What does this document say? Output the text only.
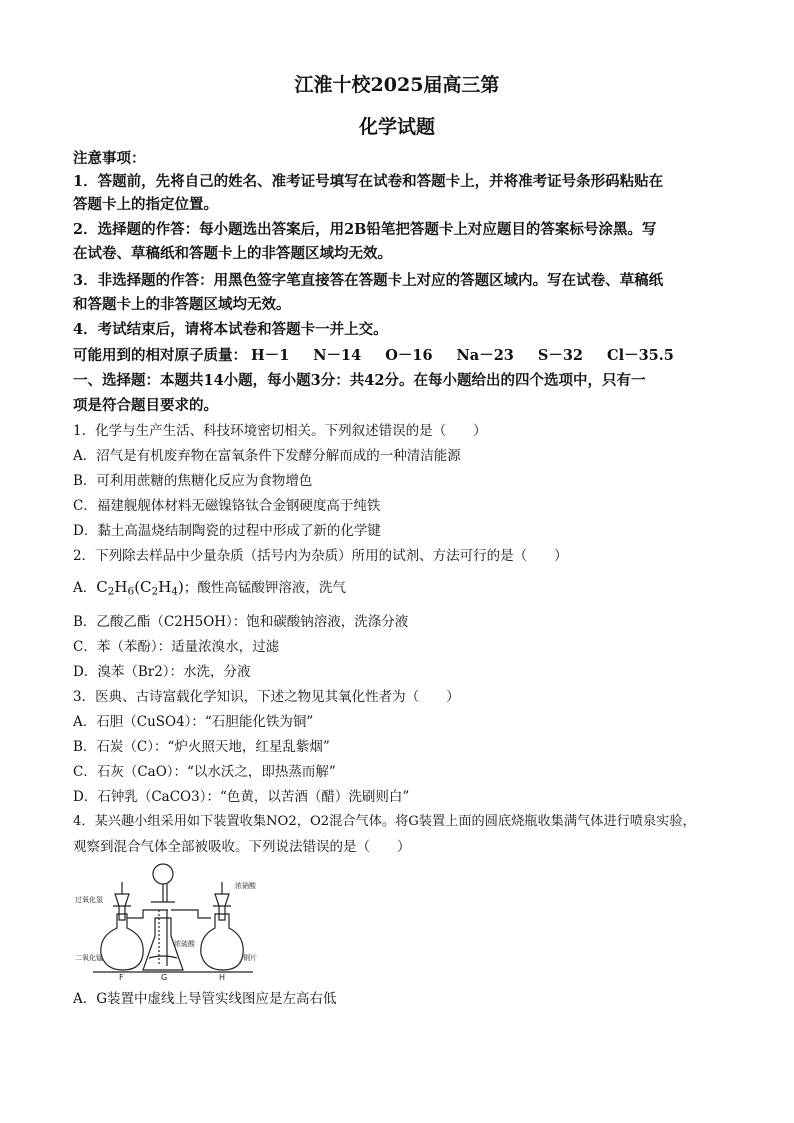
江淮十校2025届高三第
化学试题
注意事项：
1．答题前，先将自己的姓名、准考证号填写在试卷和答题卡上，并将准考证号条形码粘贴在
答题卡上的指定位置。
2．选择题的作答：每小题选出答案后，用2B铅笔把答题卡上对应题目的答案标号涂黑。写
在试卷、草稿纸和答题卡上的非答题区域均无效。
3．非选择题的作答：用黑色签字笔直接答在答题卡上对应的答题区域内。写在试卷、草稿纸
和答题卡上的非答题区域均无效。
4．考试结束后，请将本试卷和答题卡一并上交。
可能用到的相对原子质量： H－1 N－14 O－16 Na－23 S－32 Cl－35.5
一、选择题：本题共14小题，每小题3分：共42分。在每小题给出的四个选项中，只有一
项是符合题目要求的。
1．化学与生产生活、科技环境密切相关。下列叙述错误的是（　　）
A．沼气是有机废弃物在富氧条件下发酵分解而成的一种清洁能源
B．可利用蔗糖的焦糖化反应为食物增色
C．福建舰舰体材料无磁镍铬钛合金钢硬度高于纯铁
D．黏土高温烧结制陶瓷的过程中形成了新的化学键
2．下列除去样品中少量杂质（括号内为杂质）所用的试剂、方法可行的是（　　）
A．$C_2H_6(C_2H_4)$；酸性高锰酸钾溶液，洗气
B．乙酸乙酯（C2H5OH）：饱和碳酸钠溶液，洗涤分液
C．苯（苯酚）：适量浓溴水，过滤
D．溴苯（Br2）：水洗，分液
3．医典、古诗富载化学知识，下述之物见其氧化性者为（　　）
A．石胆（CuSO4）：“石胆能化铁为铜”
B．石炭（C）：“炉火照天地，红星乱紫烟”
C．石灰（CaO）：“以水沃之，即热蒸而解”
D．石钟乳（CaCO3）：“色黄，以苦酒（醋）洗刷则白”
4．某兴趣小组采用如下装置收集NO2，O2混合气体。将G装置上面的圆底烧瓶收集满气体进行喷泉实验，
观察到混合气体全部被吸收。下列说法错误的是（　　）
过氧化氢
二氧化锰
浓硝酸
浓硫酸
铜片
F	G	H
A．G装置中虚线上导管实线图应是左高右低
